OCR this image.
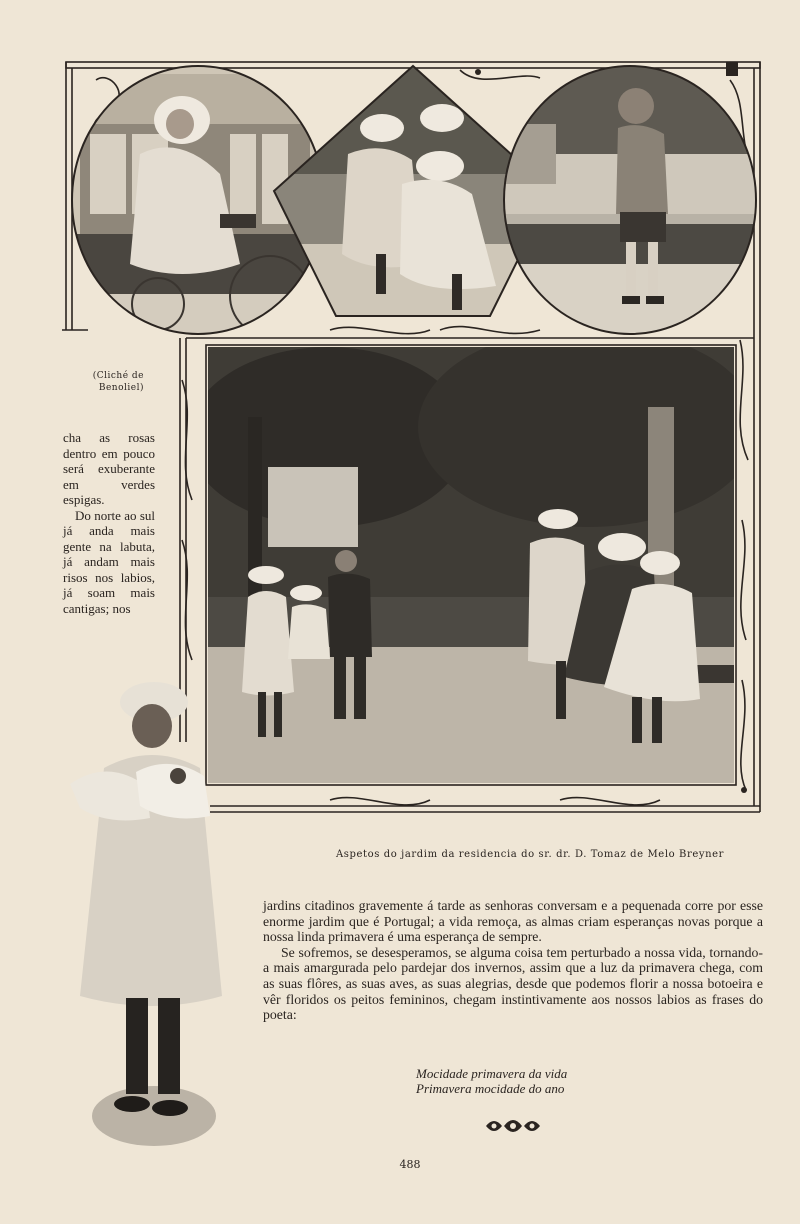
(Cliché de Benoliel)

cha as rosas dentro em pouco será exuberante em verdes espigas.

Do norte ao sul já anda mais gente na labuta, já andam mais risos nos labios, já soam mais cantigas; nos

Aspetos do jardim da residencia do sr. dr. D. Tomaz de Melo Breyner

jardins citadinos gravemente á tarde as senhoras conversam e a pequenada corre por esse enorme jardim que é Portugal; a vida remoça, as almas criam esperanças novas porque a nossa linda primavera é uma esperança de sempre.

Se sofremos, se desesperamos, se alguma coisa tem perturbado a nossa vida, tornando-a mais amargurada pelo pardejar dos invernos, assim que a luz da primavera chega, com as suas flôres, as suas aves, as suas alegrias, desde que podemos florir a nossa botoeira e vêr floridos os peitos femininos, chegam instintivamente aos nossos labios as frases do poeta:

Mocidade primavera da vida
Primavera mocidade do ano
488
